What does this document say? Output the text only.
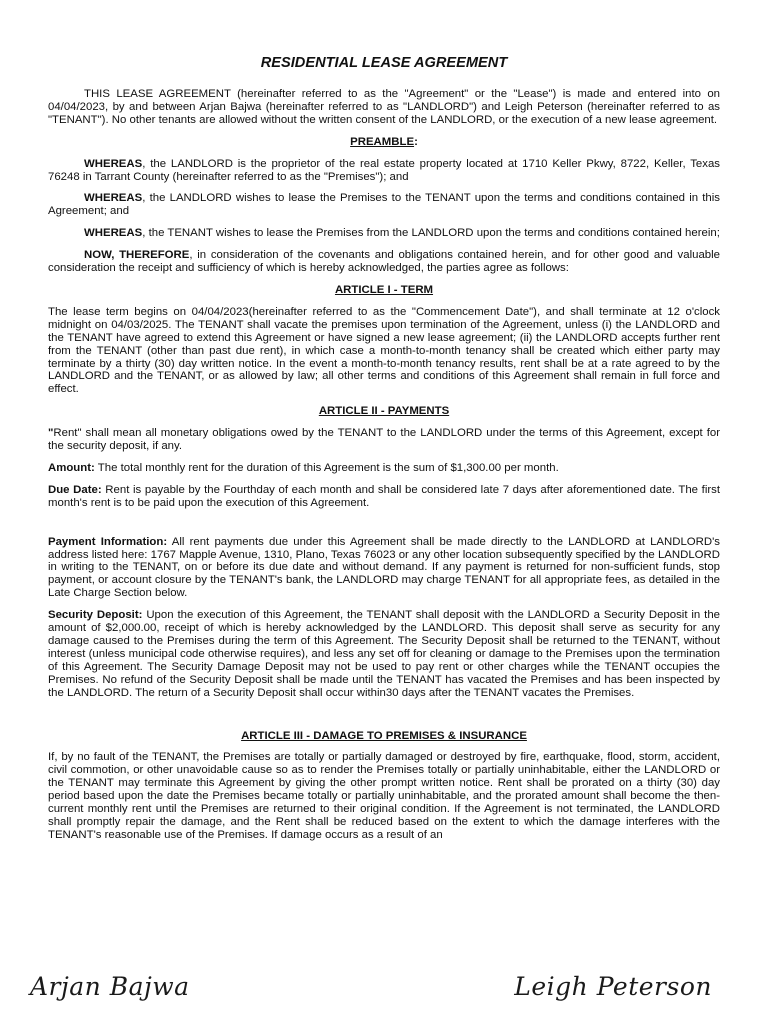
RESIDENTIAL LEASE AGREEMENT

THIS LEASE AGREEMENT (hereinafter referred to as the "Agreement" or the "Lease") is made and entered into on 04/04/2023, by and between Arjan Bajwa (hereinafter referred to as "LANDLORD") and Leigh Peterson (hereinafter referred to as "TENANT"). No other tenants are allowed without the written consent of the LANDLORD, or the execution of a new lease agreement.

PREAMBLE:

WHEREAS, the LANDLORD is the proprietor of the real estate property located at 1710 Keller Pkwy, 8722, Keller, Texas 76248 in Tarrant County (hereinafter referred to as the "Premises"); and

WHEREAS, the LANDLORD wishes to lease the Premises to the TENANT upon the terms and conditions contained in this Agreement; and

WHEREAS, the TENANT wishes to lease the Premises from the LANDLORD upon the terms and conditions contained herein;

NOW, THEREFORE, in consideration of the covenants and obligations contained herein, and for other good and valuable consideration the receipt and sufficiency of which is hereby acknowledged, the parties agree as follows:

ARTICLE I - TERM

The lease term begins on 04/04/2023(hereinafter referred to as the "Commencement Date"), and shall terminate at 12 o'clock midnight on 04/03/2025. The TENANT shall vacate the premises upon termination of the Agreement, unless (i) the LANDLORD and the TENANT have agreed to extend this Agreement or have signed a new lease agreement; (ii) the LANDLORD accepts further rent from the TENANT (other than past due rent), in which case a month-to-month tenancy shall be created which either party may terminate by a thirty (30) day written notice. In the event a month-to-month tenancy results, rent shall be at a rate agreed to by the LANDLORD and the TENANT, or as allowed by law; all other terms and conditions of this Agreement shall remain in full force and effect.

ARTICLE II - PAYMENTS

"Rent" shall mean all monetary obligations owed by the TENANT to the LANDLORD under the terms of this Agreement, except for the security deposit, if any.

Amount: The total monthly rent for the duration of this Agreement is the sum of $1,300.00 per month.

Due Date: Rent is payable by the Fourthday of each month and shall be considered late 7 days after aforementioned date. The first month's rent is to be paid upon the execution of this Agreement.

Payment Information: All rent payments due under this Agreement shall be made directly to the LANDLORD at LANDLORD's address listed here: 1767 Mapple Avenue, 1310, Plano, Texas 76023 or any other location subsequently specified by the LANDLORD in writing to the TENANT, on or before its due date and without demand. If any payment is returned for non-sufficient funds, stop payment, or account closure by the TENANT's bank, the LANDLORD may charge TENANT for all appropriate fees, as detailed in the Late Charge Section below.

Security Deposit: Upon the execution of this Agreement, the TENANT shall deposit with the LANDLORD a Security Deposit in the amount of $2,000.00, receipt of which is hereby acknowledged by the LANDLORD. This deposit shall serve as security for any damage caused to the Premises during the term of this Agreement. The Security Deposit shall be returned to the TENANT, without interest (unless municipal code otherwise requires), and less any set off for cleaning or damage to the Premises upon the termination of this Agreement. The Security Damage Deposit may not be used to pay rent or other charges while the TENANT occupies the Premises. No refund of the Security Deposit shall be made until the TENANT has vacated the Premises and has been inspected by the LANDLORD. The return of a Security Deposit shall occur within30 days after the TENANT vacates the Premises.

ARTICLE III - DAMAGE TO PREMISES & INSURANCE

If, by no fault of the TENANT, the Premises are totally or partially damaged or destroyed by fire, earthquake, flood, storm, accident, civil commotion, or other unavoidable cause so as to render the Premises totally or partially uninhabitable, either the LANDLORD or the TENANT may terminate this Agreement by giving the other prompt written notice. Rent shall be prorated on a thirty (30) day period based upon the date the Premises became totally or partially uninhabitable, and the prorated amount shall become the then-current monthly rent until the Premises are returned to their original condition. If the Agreement is not terminated, the LANDLORD shall promptly repair the damage, and the Rent shall be reduced based on the extent to which the damage interferes with the TENANT's reasonable use of the Premises. If damage occurs as a result of an

Arjan Bajwa	Leigh Peterson
